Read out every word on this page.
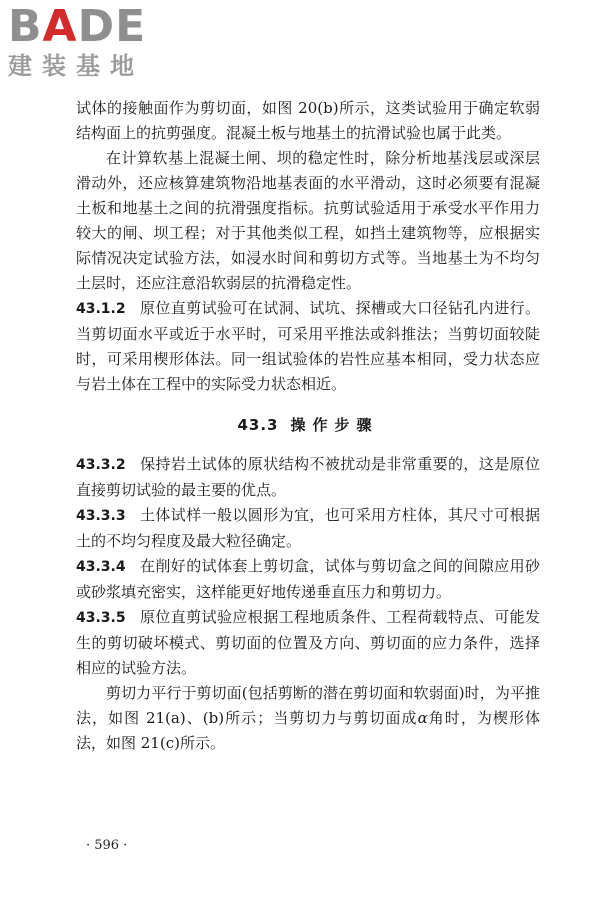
BADE
建装基地

试体的接触面作为剪切面，如图 20(b)所示，这类试验用于确定软弱结构面上的抗剪强度。混凝土板与地基土的抗滑试验也属于此类。

在计算软基上混凝土闸、坝的稳定性时，除分析地基浅层或深层滑动外，还应核算建筑物沿地基表面的水平滑动，这时必须要有混凝土板和地基土之间的抗滑强度指标。抗剪试验适用于承受水平作用力较大的闸、坝工程；对于其他类似工程，如挡土建筑物等，应根据实际情况决定试验方法，如浸水时间和剪切方式等。当地基土为不均匀土层时，还应注意沿软弱层的抗滑稳定性。

43.1.2 原位直剪试验可在试洞、试坑、探槽或大口径钻孔内进行。当剪切面水平或近于水平时，可采用平推法或斜推法；当剪切面较陡时，可采用楔形体法。同一组试验体的岩性应基本相同，受力状态应与岩土体在工程中的实际受力状态相近。

43.3 操作步骤

43.3.2 保持岩土试体的原状结构不被扰动是非常重要的，这是原位直接剪切试验的最主要的优点。

43.3.3 土体试样一般以圆形为宜，也可采用方柱体，其尺寸可根据土的不均匀程度及最大粒径确定。

43.3.4 在削好的试体套上剪切盒，试体与剪切盒之间的间隙应用砂或砂浆填充密实，这样能更好地传递垂直压力和剪切力。

43.3.5 原位直剪试验应根据工程地质条件、工程荷载特点、可能发生的剪切破坏模式、剪切面的位置及方向、剪切面的应力条件，选择相应的试验方法。

剪切力平行于剪切面(包括剪断的潜在剪切面和软弱面)时，为平推法，如图 21(a)、(b)所示；当剪切力与剪切面成α角时，为楔形体法，如图 21(c)所示。

· 596 ·
